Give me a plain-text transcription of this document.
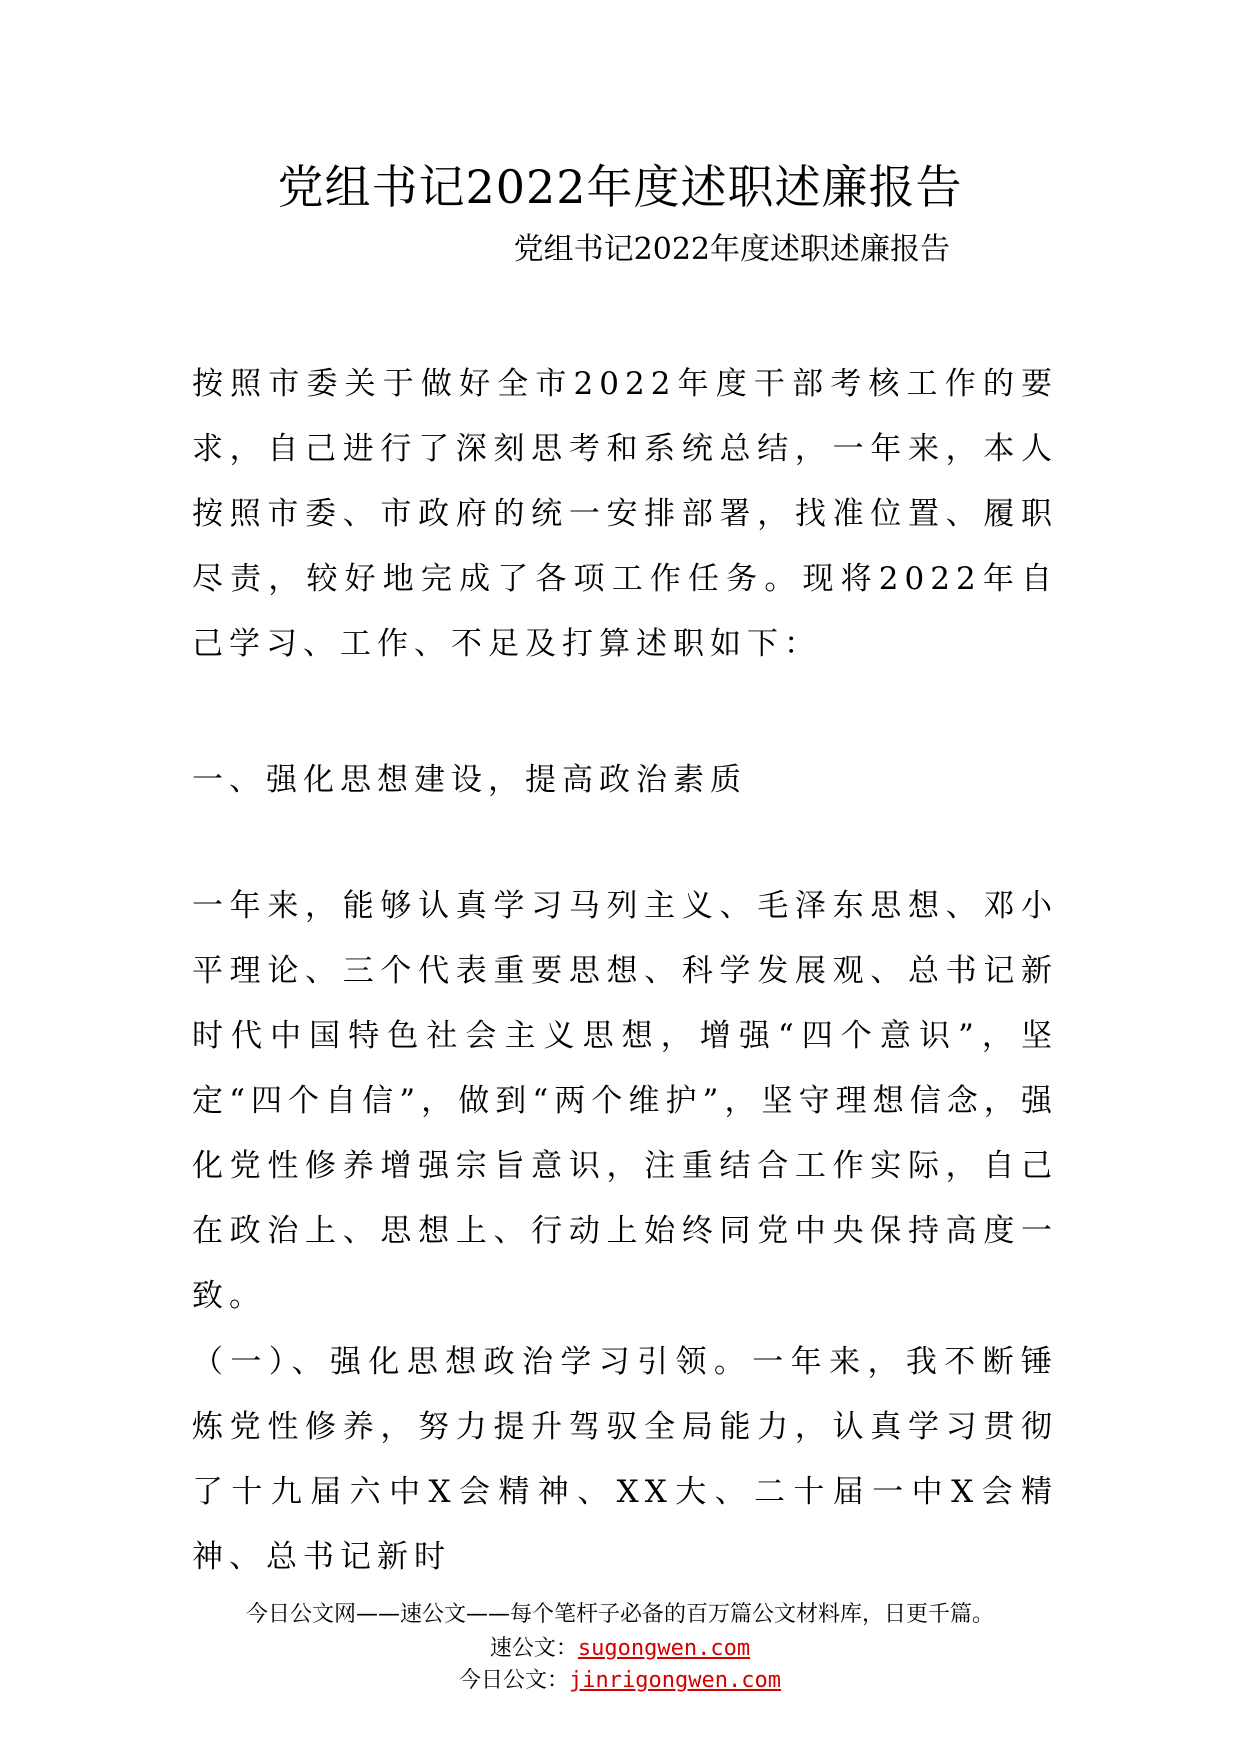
党组书记2022年度述职述廉报告

党组书记2022年度述职述廉报告

按照市委关于做好全市2022年度干部考核工作的要求，自己进行了深刻思考和系统总结，一年来，本人按照市委、市政府的统一安排部署，找准位置、履职尽责，较好地完成了各项工作任务。现将2022年自己学习、工作、不足及打算述职如下：

一、强化思想建设，提高政治素质

一年来，能够认真学习马列主义、毛泽东思想、邓小平理论、三个代表重要思想、科学发展观、总书记新时代中国特色社会主义思想，增强“四个意识”，坚定“四个自信”，做到“两个维护”，坚守理想信念，强化党性修养增强宗旨意识，注重结合工作实际，自己在政治上、思想上、行动上始终同党中央保持高度一致。

（一）、强化思想政治学习引领。一年来，我不断锤炼党性修养，努力提升驾驭全局能力，认真学习贯彻了十九届六中X会精神、XX大、二十届一中X会精神、总书记新时

今日公文网——速公文——每个笔杆子必备的百万篇公文材料库，日更千篇。
速公文：sugongwen.com
今日公文：jinrigongwen.com
